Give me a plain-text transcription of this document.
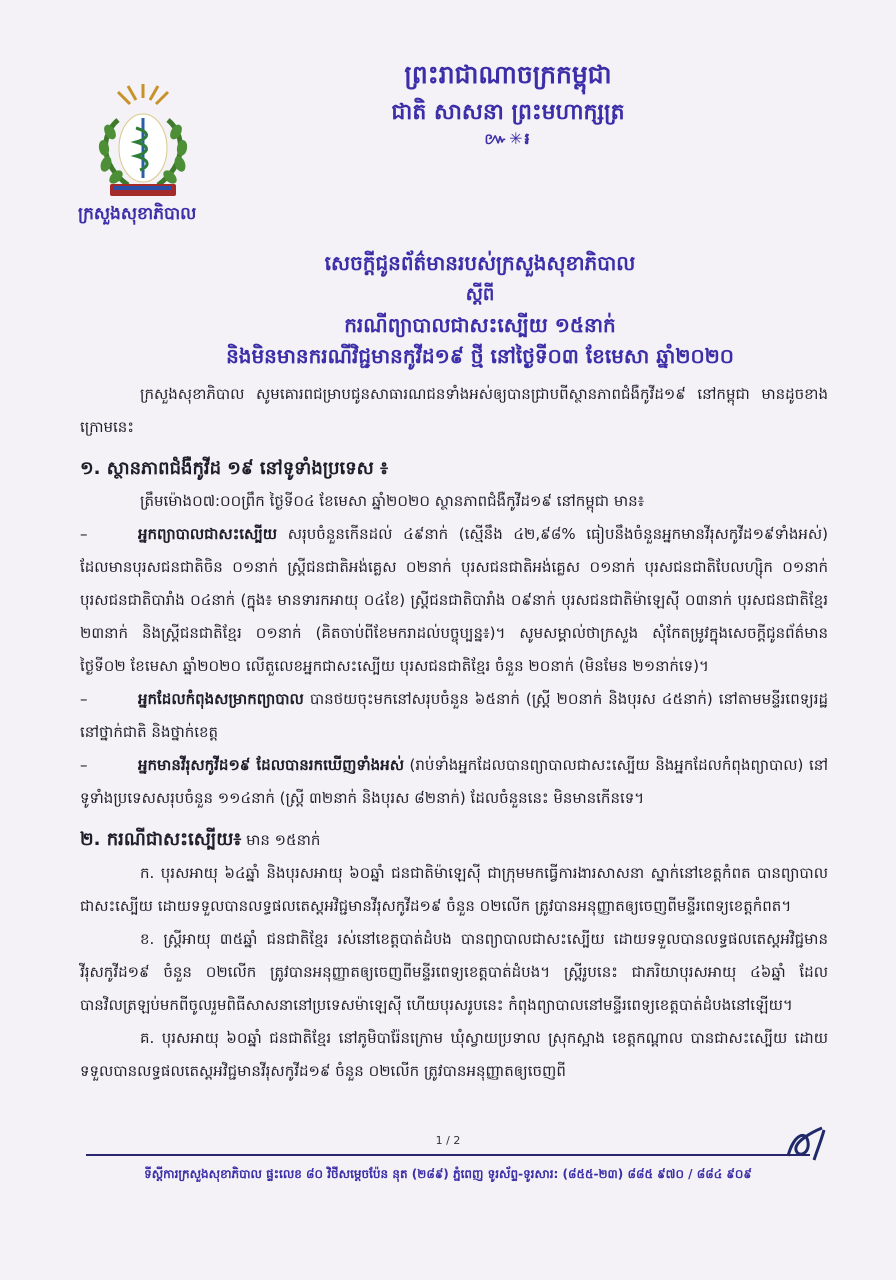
ព្រះរាជាណាចក្រកម្ពុជា
ជាតិ សាសនា ព្រះមហាក្សត្រ
៚✳៛
ក្រសួងសុខាភិបាល
សេចក្តីជូនព័ត៌មានរបស់ក្រសួងសុខាភិបាល
ស្តីពី
ករណីព្យាបាលជាសះស្បើយ ១៥នាក់
និងមិនមានករណីវិជ្ជមានកូវីដ១៩ ថ្មី នៅថ្ងៃទី០៣ ខែមេសា ឆ្នាំ២០២០

ក្រសួងសុខាភិបាល សូមគោរពជម្រាបជូនសាធារណជនទាំងអស់ឲ្យបានជ្រាបពីស្ថានភាពជំងឺកូវីដ១៩ នៅកម្ពុជា មានដូចខាងក្រោមនេះ

១. ស្ថានភាពជំងឺកូវីដ ១៩ នៅទូទាំងប្រទេស ៖

ត្រឹមម៉ោង០៧:០០ព្រឹក ថ្ងៃទី០៤ ខែមេសា ឆ្នាំ២០២០ ស្ថានភាពជំងឺកូវីដ១៩ នៅកម្ពុជា មាន៖

–	អ្នកព្យាបាលជាសះស្បើយ សរុបចំនួនកើនដល់ ៤៩នាក់ (ស្មើនឹង ៤២,៩៨% ធៀបនឹងចំនួនអ្នកមានវីរុសកូវីដ១៩ទាំងអស់) ដែលមានបុរសជនជាតិចិន ០១នាក់ ស្ត្រីជនជាតិអង់គ្លេស ០២នាក់ បុរសជនជាតិអង់គ្លេស ០១នាក់ បុរសជនជាតិបែលហ្ស៊ិក ០១នាក់ បុរសជនជាតិបារាំង ០៤នាក់ (ក្នុង៖ មានទារកអាយុ ០៤ខែ) ស្ត្រីជនជាតិបារាំង ០៩នាក់ បុរសជនជាតិម៉ាឡេស៊ី ០៣នាក់ បុរសជនជាតិខ្មែរ ២៣នាក់ និងស្ត្រីជនជាតិខ្មែរ ០១នាក់ (គិតចាប់ពីខែមករាដល់បច្ចុប្បន្ន៖)។ សូមសម្គាល់ថាក្រសួង សុំកែតម្រូវក្នុងសេចក្តីជូនព័ត៌មាន ថ្ងៃទី០២ ខែមេសា ឆ្នាំ២០២០ លើតួលេខអ្នកជាសះស្បើយ បុរសជនជាតិខ្មែរ ចំនួន ២០នាក់ (មិនមែន ២១នាក់ទេ)។

–	អ្នកដែលកំពុងសម្រាកព្យាបាល បានថយចុះមកនៅសរុបចំនួន ៦៥នាក់ (ស្ត្រី ២០នាក់ និងបុរស ៤៥នាក់) នៅតាមមន្ទីរពេទ្យរដ្ឋនៅថ្នាក់ជាតិ និងថ្នាក់ខេត្ត

–	អ្នកមានវីរុសកូវីដ១៩ ដែលបានរកឃើញទាំងអស់ (រាប់ទាំងអ្នកដែលបានព្យាបាលជាសះស្បើយ និងអ្នកដែលកំពុងព្យាបាល) នៅទូទាំងប្រទេសសរុបចំនួន ១១៤នាក់ (ស្ត្រី ៣២នាក់ និងបុរស ៨២នាក់) ដែលចំនួននេះ មិនមានកើនទេ។

២. ករណីជាសះស្បើយ៖ មាន ១៥នាក់

ក. បុរសអាយុ ៦៤ឆ្នាំ និងបុរសអាយុ ៦០ឆ្នាំ ជនជាតិម៉ាឡេស៊ី ជាក្រុមមកធ្វើការងារសាសនា ស្នាក់នៅខេត្តកំពត បានព្យាបាលជាសះស្បើយ ដោយទទួលបានលទ្ធផលតេស្តអវិជ្ជមានវីរុសកូវីដ១៩ ចំនួន ០២លើក ត្រូវបានអនុញ្ញាតឲ្យចេញពីមន្ទីរពេទ្យខេត្តកំពត។

ខ. ស្ត្រីអាយុ ៣៥ឆ្នាំ ជនជាតិខ្មែរ រស់នៅខេត្តបាត់ដំបង បានព្យាបាលជាសះស្បើយ ដោយទទួលបានលទ្ធផលតេស្តអវិជ្ជមានវីរុសកូវីដ១៩ ចំនួន ០២លើក ត្រូវបានអនុញ្ញាតឲ្យចេញពីមន្ទីរពេទ្យខេត្តបាត់ដំបង។ ស្ត្រីរូបនេះ ជាភរិយាបុរសអាយុ ៤៦ឆ្នាំ ដែលបានវិលត្រឡប់មកពីចូលរួមពិធីសាសនានៅប្រទេសម៉ាឡេស៊ី ហើយបុរសរូបនេះ កំពុងព្យាបាលនៅមន្ទីរពេទ្យខេត្តបាត់ដំបងនៅឡើយ។

គ. បុរសអាយុ ៦០ឆ្នាំ ជនជាតិខ្មែរ នៅភូមិបារ៉ែនក្រោម ឃុំស្វាយប្រទាល ស្រុកស្អាង ខេត្តកណ្តាល បានជាសះស្បើយ ដោយទទួលបានលទ្ធផលតេស្តអវិជ្ជមានវីរុសកូវីដ១៩ ចំនួន ០២លើក ត្រូវបានអនុញ្ញាតឲ្យចេញពី

1 / 2
ទីស្តីការក្រសួងសុខាភិបាល ផ្ទះលេខ ៨០ វិថីសម្តេចប៉ែន នុត (២៨៩) ភ្នំពេញ ទូរស័ព្ទ-ទូរសារ: (៨៥៥-២៣) ៨៨៥ ៩៧០ / ៨៨៤ ៩០៩
